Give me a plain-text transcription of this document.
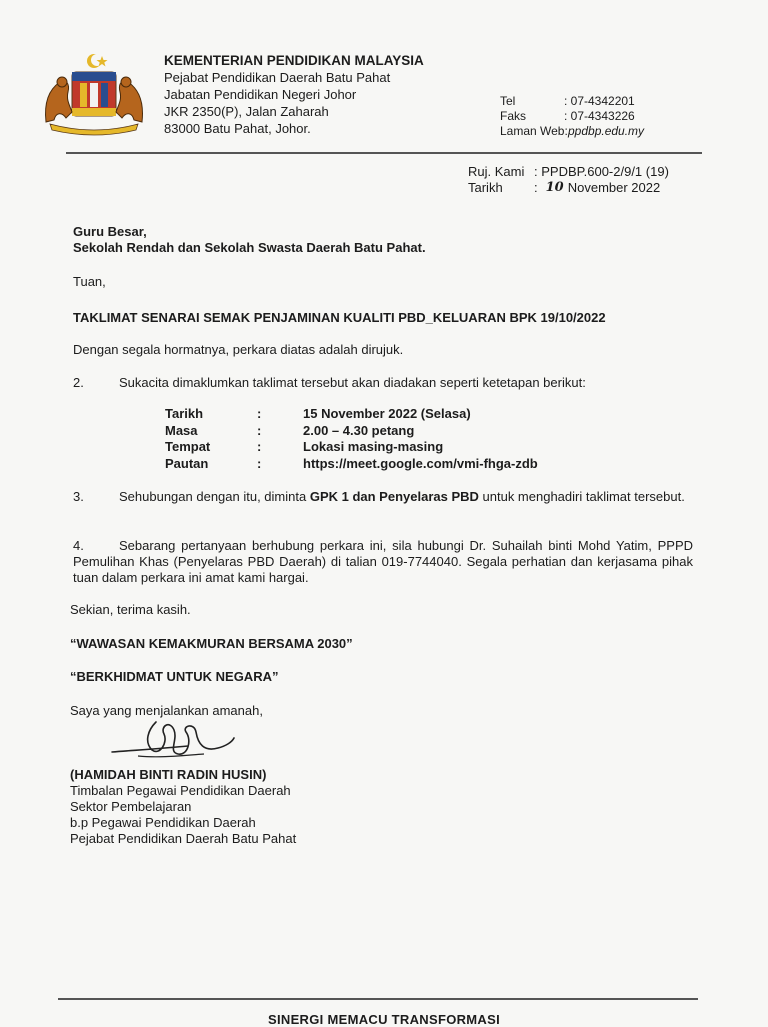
KEMENTERIAN PENDIDIKAN MALAYSIA
Pejabat Pendidikan Daerah Batu Pahat
Jabatan Pendidikan Negeri Johor
JKR 2350(P), Jalan Zaharah
83000 Batu Pahat, Johor.
Tel	: 07-4342201
Faks	: 07-4343226
Laman Web: ppdbp.edu.my
Ruj. Kami : PPDBP.600-2/9/1 (19)
Tarikh	: 10 November 2022
Guru Besar,
Sekolah Rendah dan Sekolah Swasta Daerah Batu Pahat.
Tuan,
TAKLIMAT SENARAI SEMAK PENJAMINAN KUALITI PBD_KELUARAN BPK 19/10/2022
Dengan segala hormatnya, perkara diatas adalah dirujuk.
2.	Sukacita dimaklumkan taklimat tersebut akan diadakan seperti ketetapan berikut:
Tarikh	:	15 November 2022 (Selasa)
Masa	:	2.00 – 4.30 petang
Tempat	:	Lokasi masing-masing
Pautan	:	https://meet.google.com/vmi-fhga-zdb
3.	Sehubungan dengan itu, diminta GPK 1 dan Penyelaras PBD untuk menghadiri taklimat tersebut.
4.	Sebarang pertanyaan berhubung perkara ini, sila hubungi Dr. Suhailah binti Mohd Yatim, PPPD Pemulihan Khas (Penyelaras PBD Daerah) di talian 019-7744040. Segala perhatian dan kerjasama pihak tuan dalam perkara ini amat kami hargai.
Sekian, terima kasih.
“WAWASAN KEMAKMURAN BERSAMA 2030”
“BERKHIDMAT UNTUK NEGARA”
Saya yang menjalankan amanah,
(HAMIDAH BINTI RADIN HUSIN)
Timbalan Pegawai Pendidikan Daerah
Sektor Pembelajaran
b.p Pegawai Pendidikan Daerah
Pejabat Pendidikan Daerah Batu Pahat
SINERGI MEMACU TRANSFORMASI
